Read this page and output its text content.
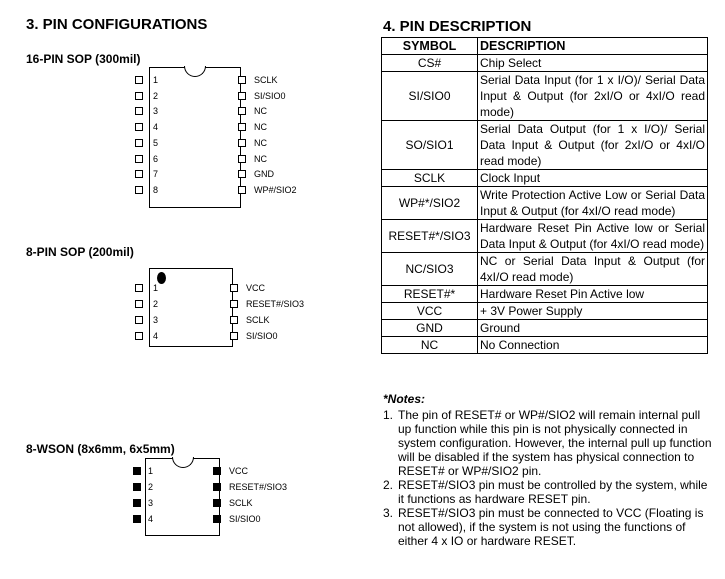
3. PIN CONFIGURATIONS
16-PIN SOP (300mil)
1
2
3
4
5
6
7
8
SCLK
SI/SIO0
NC
NC
NC
NC
GND
WP#/SIO2
8-PIN SOP (200mil)
1
2
3
4
VCC
RESET#/SIO3
SCLK
SI/SIO0
8-WSON (8x6mm, 6x5mm)
1
2
3
4
VCC
RESET#/SIO3
SCLK
SI/SIO0
4. PIN DESCRIPTION
SYMBOL	DESCRIPTION
CS#	Chip Select
SI/SIO0	Serial Data Input (for 1 x I/O)/ Serial Data Input & Output (for 2xI/O or 4xI/O read mode)
SO/SIO1	Serial Data Output (for 1 x I/O)/ Serial Data Input & Output (for 2xI/O or 4xI/O read mode)
SCLK	Clock Input
WP#*/SIO2	Write Protection Active Low or Serial Data Input & Output (for 4xI/O read mode)
RESET#*/SIO3	Hardware Reset Pin Active low or Serial Data Input & Output (for 4xI/O read mode)
NC/SIO3	NC or Serial Data Input & Output (for 4xI/O read mode)
RESET#*	Hardware Reset Pin Active low
VCC	+ 3V Power Supply
GND	Ground
NC	No Connection
*Notes:
1. The pin of RESET# or WP#/SIO2 will remain internal pull up function while this pin is not physically connected in system configuration. However, the internal pull up function will be disabled if the system has physical connection to RESET# or WP#/SIO2 pin.
2. RESET#/SIO3 pin must be controlled by the system, while it functions as hardware RESET pin.
3. RESET#/SIO3 pin must be connected to VCC (Floating is not allowed), if the system is not using the functions of either 4 x IO or hardware RESET.
